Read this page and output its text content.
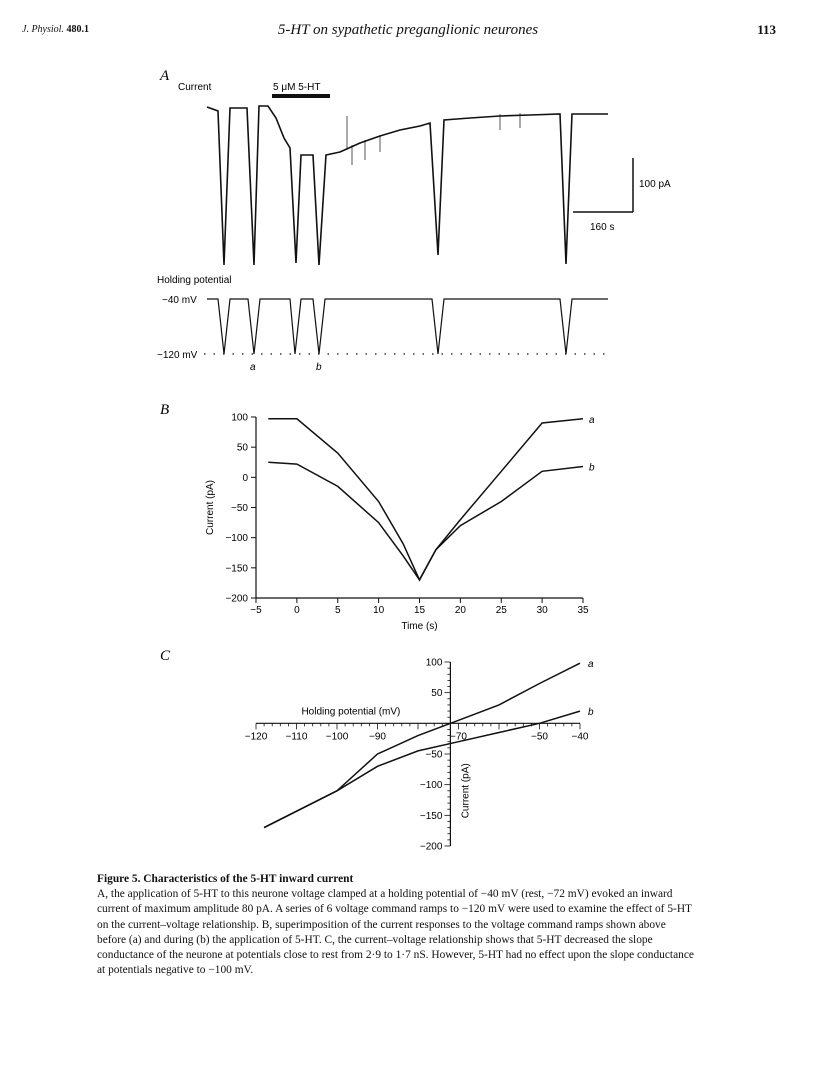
J. Physiol. 480.1	5-HT on sypathetic preganglionic neurones	113
A
Current	5 μM 5-HT
100 pA
160 s
Holding potential
−40 mV
−120 mV
a	b
B	100
50
0
−50
−100
−150
−200
−5	0	5	10	15	20	25	30	35
Time (s)
Current (pA)
a
b
C
−120 −110 −100 −90	−70	−50 −40
100
50
−50
−100
−150
−200
Holding potential (mV)
Current (pA)
a
b
Figure 5. Characteristics of the 5-HT inward current
A, the application of 5-HT to this neurone voltage clamped at a holding potential of −40 mV (rest, −72 mV) evoked an inward current of maximum amplitude 80 pA. A series of 6 voltage command ramps to −120 mV were used to examine the effect of 5-HT on the current–voltage relationship. B, superimposition of the current responses to the voltage command ramps shown above before (a) and during (b) the application of 5-HT. C, the current–voltage relationship shows that 5-HT decreased the slope conductance of the neurone at potentials close to rest from 2·9 to 1·7 nS. However, 5-HT had no effect upon the slope conductance at potentials negative to −100 mV.
